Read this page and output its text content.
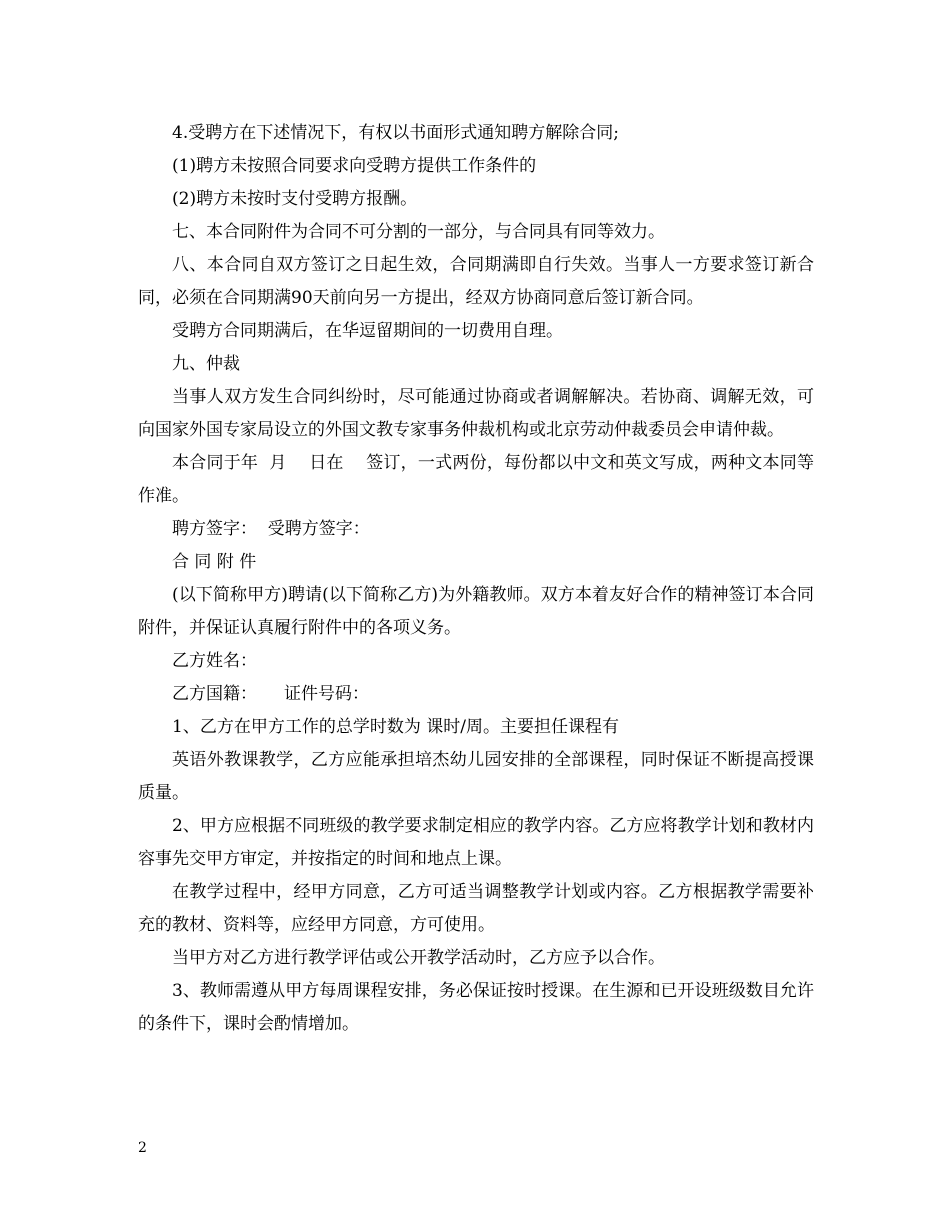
4.受聘方在下述情况下，有权以书面形式通知聘方解除合同;

(1)聘方未按照合同要求向受聘方提供工作条件的

(2)聘方未按时支付受聘方报酬。

七、本合同附件为合同不可分割的一部分，与合同具有同等效力。

八、本合同自双方签订之日起生效，合同期满即自行失效。当事人一方要求签订新合同，必须在合同期满90天前向另一方提出，经双方协商同意后签订新合同。

受聘方合同期满后，在华逗留期间的一切费用自理。

九、仲裁

当事人双方发生合同纠纷时，尽可能通过协商或者调解解决。若协商、调解无效，可向国家外国专家局设立的外国文教专家事务仲裁机构或北京劳动仲裁委员会申请仲裁。

本合同于年  月    日在    签订，一式两份，每份都以中文和英文写成，两种文本同等作准。

聘方签字：  受聘方签字：

合 同 附 件

(以下简称甲方)聘请(以下简称乙方)为外籍教师。双方本着友好合作的精神签订本合同附件，并保证认真履行附件中的各项义务。

乙方姓名：

乙方国籍：     证件号码：

1、乙方在甲方工作的总学时数为 课时/周。主要担任课程有

英语外教课教学，乙方应能承担培杰幼儿园安排的全部课程，同时保证不断提高授课质量。

2、甲方应根据不同班级的教学要求制定相应的教学内容。乙方应将教学计划和教材内容事先交甲方审定，并按指定的时间和地点上课。

在教学过程中，经甲方同意，乙方可适当调整教学计划或内容。乙方根据教学需要补充的教材、资料等，应经甲方同意，方可使用。

当甲方对乙方进行教学评估或公开教学活动时，乙方应予以合作。

3、教师需遵从甲方每周课程安排，务必保证按时授课。在生源和已开设班级数目允许的条件下，课时会酌情增加。

2
